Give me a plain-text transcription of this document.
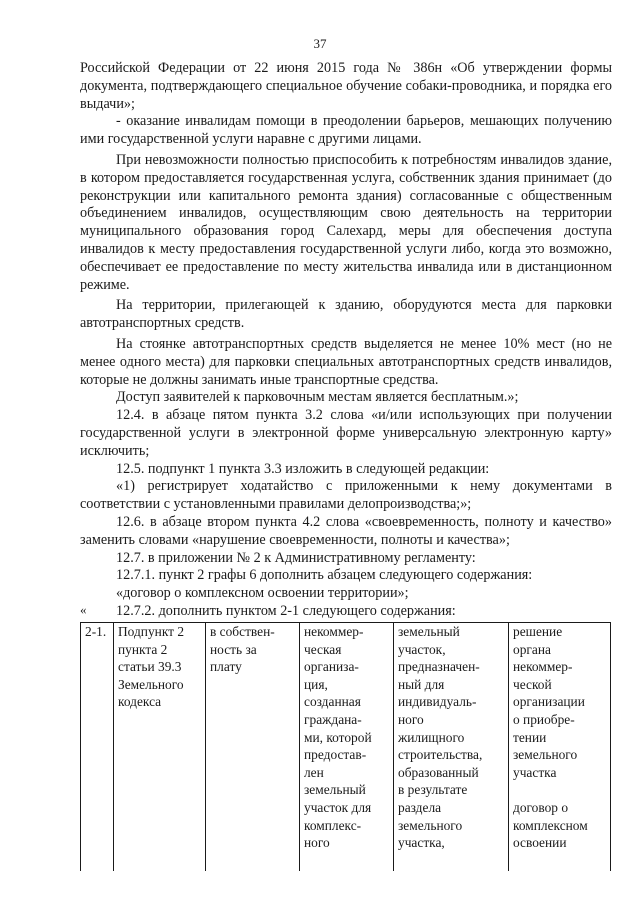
37

Российской Федерации от 22 июня 2015 года № 386н «Об утверждении формы документа, подтверждающего специальное обучение собаки-проводника, и порядка его выдачи»;

- оказание инвалидам помощи в преодолении барьеров, мешающих получению ими государственной услуги наравне с другими лицами.

При невозможности полностью приспособить к потребностям инвалидов здание, в котором предоставляется государственная услуга, собственник здания принимает (до реконструкции или капитального ремонта здания) согласованные с общественным объединением инвалидов, осуществляющим свою деятельность на территории муниципального образования город Салехард, меры для обеспечения доступа инвалидов к месту предоставления государственной услуги либо, когда это возможно, обеспечивает ее предоставление по месту жительства инвалида или в дистанционном режиме.

На территории, прилегающей к зданию, оборудуются места для парковки автотранспортных средств.

На стоянке автотранспортных средств выделяется не менее 10% мест (но не менее одного места) для парковки специальных автотранспортных средств инвалидов, которые не должны занимать иные транспортные средства.

Доступ заявителей к парковочным местам является бесплатным.»;

12.4. в абзаце пятом пункта 3.2 слова «и/или использующих при получении государственной услуги в электронной форме универсальную электронную карту» исключить;

12.5. подпункт 1 пункта 3.3 изложить в следующей редакции:

«1) регистрирует ходатайство с приложенными к нему документами в соответствии с установленными правилами делопроизводства;»;

12.6. в абзаце втором пункта 4.2 слова «своевременность, полноту и качество» заменить словами «нарушение своевременности, полноты и качества»;

12.7. в приложении № 2 к Административному регламенту:

12.7.1. пункт 2 графы 6 дополнить абзацем следующего содержания:

«договор о комплексном освоении территории»;

12.7.2. дополнить пунктом 2-1 следующего содержания:

«
2-1.	Подпункт 2
пункта 2
статьи 39.3
Земельного
кодекса

в собствен-
ность за
плату

некоммер-
ческая
организа-
ция,
созданная
граждана-
ми, которой
предостав-
лен
земельный
участок для
комплекс-
ного

земельный
участок,
предназначен-
ный для
индивидуаль-
ного
жилищного
строительства,
образованный
в результате
раздела
земельного
участка,

решение
органа
некоммер-
ческой
организации
о приобре-
тении
земельного
участка
договор о
комплексном
освоении
